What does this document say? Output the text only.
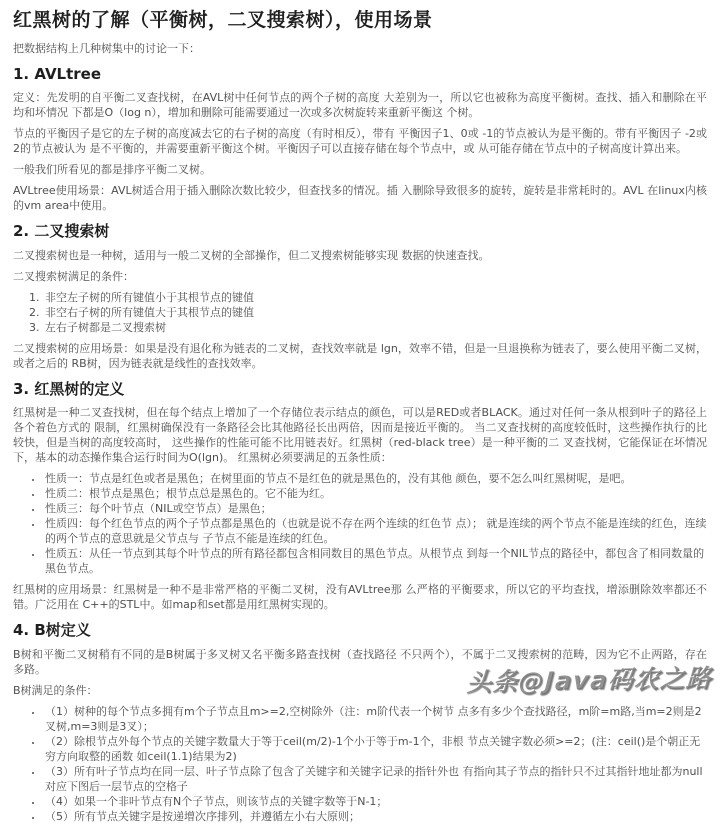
红黑树的了解（平衡树，二叉搜索树），使用场景

把数据结构上几种树集中的讨论一下：

1. AVLtree

定义：先发明的自平衡二叉查找树，在AVL树中任何节点的两个子树的高度 大差别为一，所以它也被称为高度平衡树。查找、插入和删除在平均和坏情况 下都是O（log n），增加和删除可能需要通过一次或多次树旋转来重新平衡这 个树。

节点的平衡因子是它的左子树的高度减去它的右子树的高度（有时相反），带有 平衡因子1、0或 -1的节点被认为是平衡的。带有平衡因子 -2或2的节点被认为 是不平衡的，并需要重新平衡这个树。平衡因子可以直接存储在每个节点中，或 从可能存储在节点中的子树高度计算出来。

一般我们所看见的都是排序平衡二叉树。

AVLtree使用场景：AVL树适合用于插入删除次数比较少，但查找多的情况。插 入删除导致很多的旋转，旋转是非常耗时的。AVL 在linux内核的vm area中使用。

2. 二叉搜索树

二叉搜索树也是一种树，适用与一般二叉树的全部操作，但二叉搜索树能够实现 数据的快速查找。

二叉搜索树满足的条件：

1. 非空左子树的所有键值小于其根节点的键值
2. 非空右子树的所有键值大于其根节点的键值
3. 左右子树都是二叉搜索树

二叉搜索树的应用场景：如果是没有退化称为链表的二叉树，查找效率就是 lgn，效率不错，但是一旦退换称为链表了，要么使用平衡二叉树，或者之后的 RB树，因为链表就是线性的查找效率。

3. 红黑树的定义

红黑树是一种二叉查找树，但在每个结点上增加了一个存储位表示结点的颜色，可以是RED或者BLACK。通过对任何一条从根到叶子的路径上各个着色方式的 限制，红黑树确保没有一条路径会比其他路径长出两倍，因而是接近平衡的。 当二叉查找树的高度较低时，这些操作执行的比较快，但是当树的高度较高时， 这些操作的性能可能不比用链表好。红黑树（red-black tree）是一种平衡的二 叉查找树，它能保证在坏情况下，基本的动态操作集合运行时间为O(lgn)。 红黑树必须要满足的五条性质：

• 性质一：节点是红色或者是黑色；在树里面的节点不是红色的就是黑色的，没有其他 颜色，要不怎么叫红黑树呢，是吧。
• 性质二：根节点是黑色；根节点总是黑色的。它不能为红。
• 性质三：每个叶节点（NIL或空节点）是黑色；
• 性质四：每个红色节点的两个子节点都是黑色的（也就是说不存在两个连续的红色节 点）； 就是连续的两个节点不能是连续的红色，连续的两个节点的意思就是父节点与 子节点不能是连续的红色。
• 性质五：从任一节点到其每个叶节点的所有路径都包含相同数目的黑色节点。从根节点 到每一个NIL节点的路径中，都包含了相同数量的黑色节点。

红黑树的应用场景：红黑树是一种不是非常严格的平衡二叉树，没有AVLtree那 么严格的平衡要求，所以它的平均查找，增添删除效率都还不错。广泛用在 C++的STL中。如map和set都是用红黑树实现的。

4. B树定义

B树和平衡二叉树稍有不同的是B树属于多叉树又名平衡多路查找树（查找路径 不只两个），不属于二叉搜索树的范畴，因为它不止两路，存在多路。

B树满足的条件：

• （1）树种的每个节点多拥有m个子节点且m>=2,空树除外（注：m阶代表一个树节 点多有多少个查找路径，m阶=m路,当m=2则是2叉树,m=3则是3叉）；
• （2）除根节点外每个节点的关键字数量大于等于ceil(m/2)-1个小于等于m-1个，非根 节点关键字数必须>=2；(注：ceil()是个朝正无穷方向取整的函数 如ceil(1.1)结果为2)
• （3）所有叶子节点均在同一层、叶子节点除了包含了关键字和关键字记录的指针外也 有指向其子节点的指针只不过其指针地址都为null对应下图后一层节点的空格子
• （4）如果一个非叶节点有N个子节点，则该节点的关键字数等于N-1；
• （5）所有节点关键字是按递增次序排列，并遵循左小右大原则；
头条@Java码农之路
